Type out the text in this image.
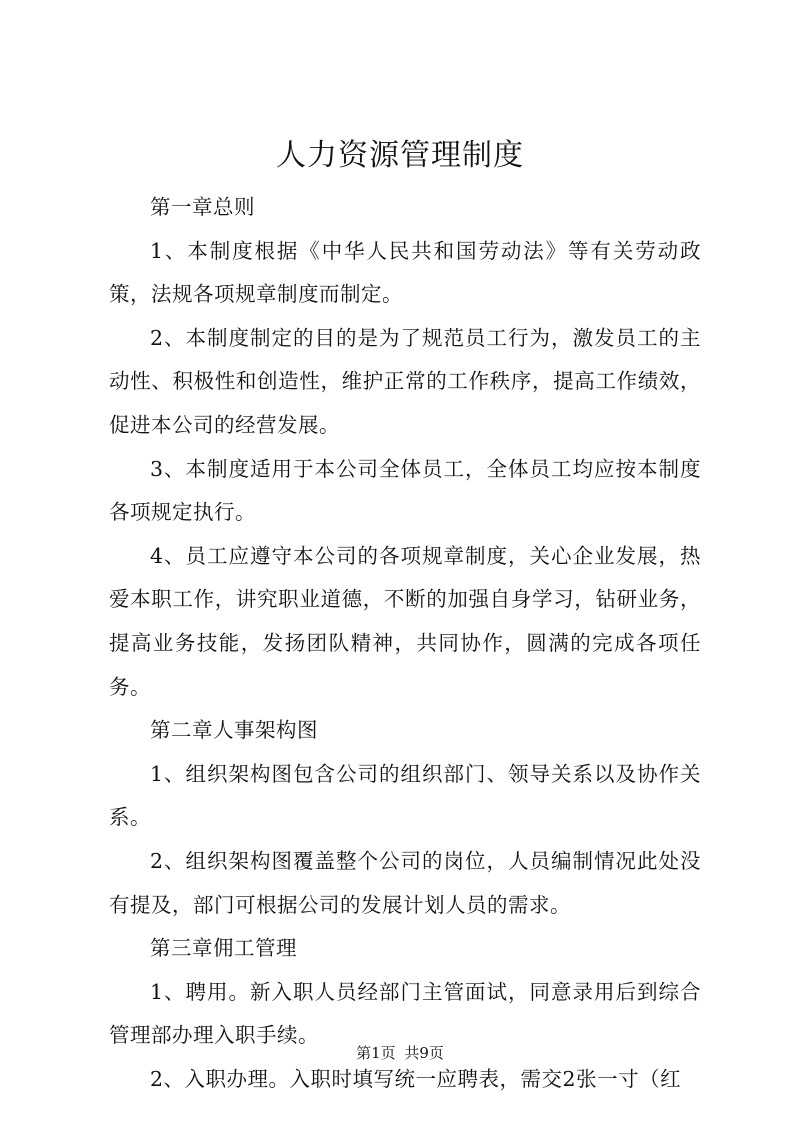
人力资源管理制度

第一章总则

1、本制度根据《中华人民共和国劳动法》等有关劳动政策，法规各项规章制度而制定。

2、本制度制定的目的是为了规范员工行为，激发员工的主动性、积极性和创造性，维护正常的工作秩序，提高工作绩效，促进本公司的经营发展。

3、本制度适用于本公司全体员工，全体员工均应按本制度各项规定执行。

4、员工应遵守本公司的各项规章制度，关心企业发展，热爱本职工作，讲究职业道德，不断的加强自身学习，钻研业务，提高业务技能，发扬团队精神，共同协作，圆满的完成各项任务。

第二章人事架构图

1、组织架构图包含公司的组织部门、领导关系以及协作关系。

2、组织架构图覆盖整个公司的岗位，人员编制情况此处没有提及，部门可根据公司的发展计划人员的需求。

第三章佣工管理

1、聘用。新入职人员经部门主管面试，同意录用后到综合管理部办理入职手续。

2、入职办理。入职时填写统一应聘表，需交2张一寸（红

第1页 共9页
